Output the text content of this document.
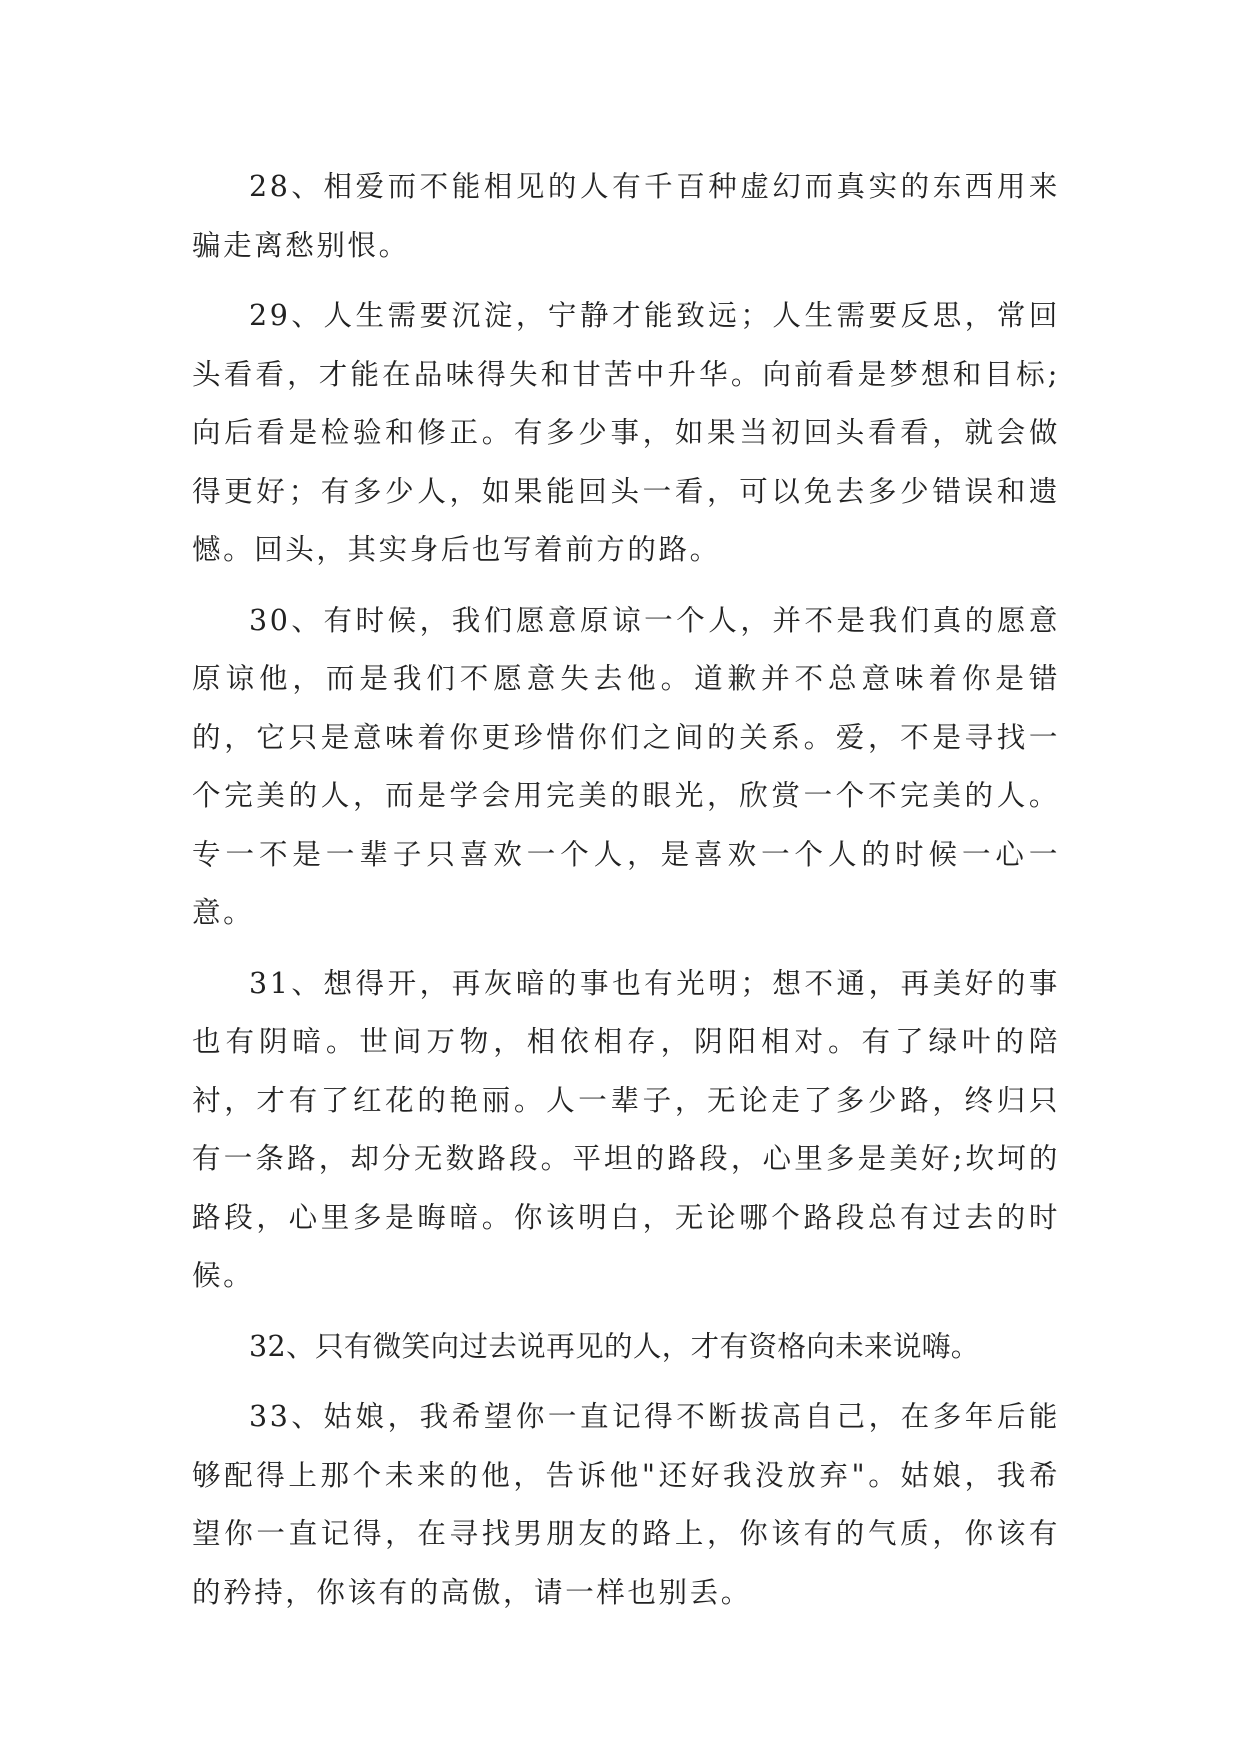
28、相爱而不能相见的人有千百种虚幻而真实的东西用来骗走离愁别恨。

29、人生需要沉淀，宁静才能致远；人生需要反思，常回头看看，才能在品味得失和甘苦中升华。向前看是梦想和目标;向后看是检验和修正。有多少事，如果当初回头看看，就会做得更好；有多少人，如果能回头一看，可以免去多少错误和遗憾。回头，其实身后也写着前方的路。

30、有时候，我们愿意原谅一个人，并不是我们真的愿意原谅他，而是我们不愿意失去他。道歉并不总意味着你是错的，它只是意味着你更珍惜你们之间的关系。爱，不是寻找一个完美的人，而是学会用完美的眼光，欣赏一个不完美的人。专一不是一辈子只喜欢一个人，是喜欢一个人的时候一心一意。

31、想得开，再灰暗的事也有光明；想不通，再美好的事也有阴暗。世间万物，相依相存，阴阳相对。有了绿叶的陪衬，才有了红花的艳丽。人一辈子，无论走了多少路，终归只有一条路，却分无数路段。平坦的路段，心里多是美好;坎坷的路段，心里多是晦暗。你该明白，无论哪个路段总有过去的时候。

32、只有微笑向过去说再见的人，才有资格向未来说嗨。

33、姑娘，我希望你一直记得不断拔高自己，在多年后能够配得上那个未来的他，告诉他"还好我没放弃"。姑娘，我希望你一直记得，在寻找男朋友的路上，你该有的气质，你该有的矜持，你该有的高傲，请一样也别丢。
